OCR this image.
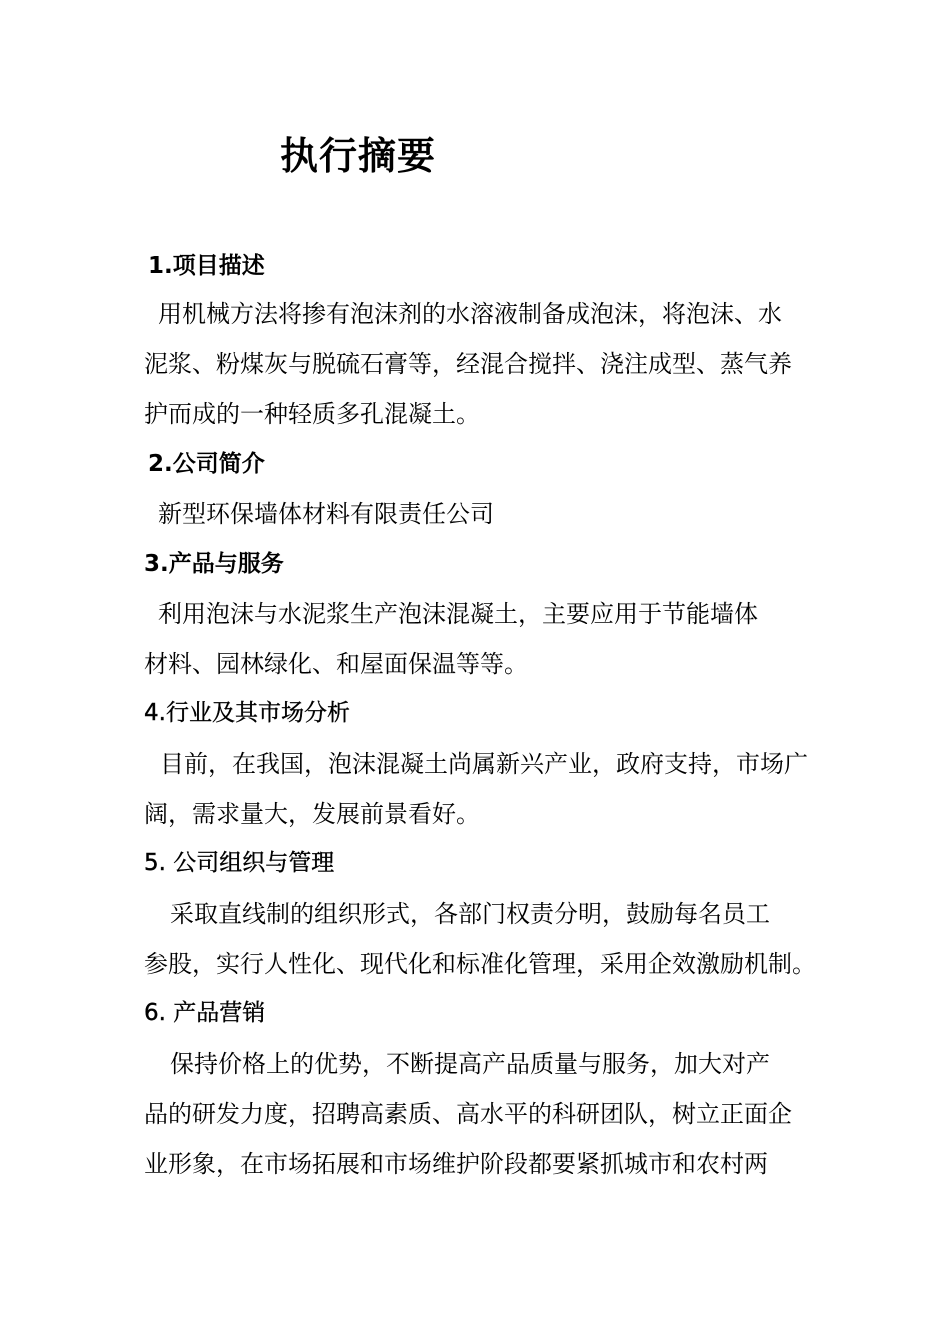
执行摘要
1.项目描述
用机械方法将掺有泡沫剂的水溶液制备成泡沫，将泡沫、水
泥浆、粉煤灰与脱硫石膏等，经混合搅拌、浇注成型、蒸气养
护而成的一种轻质多孔混凝土。
2.公司简介
新型环保墙体材料有限责任公司
3.产品与服务
利用泡沫与水泥浆生产泡沫混凝土，主要应用于节能墙体
材料、园林绿化、和屋面保温等等。
4.行业及其市场分析
目前，在我国，泡沫混凝土尚属新兴产业，政府支持，市场广
阔，需求量大，发展前景看好。
5. 公司组织与管理
采取直线制的组织形式，各部门权责分明，鼓励每名员工
参股，实行人性化、现代化和标准化管理，采用企效激励机制。
6. 产品营销
保持价格上的优势，不断提高产品质量与服务，加大对产
品的研发力度，招聘高素质、高水平的科研团队，树立正面企
业形象，在市场拓展和市场维护阶段都要紧抓城市和农村两
